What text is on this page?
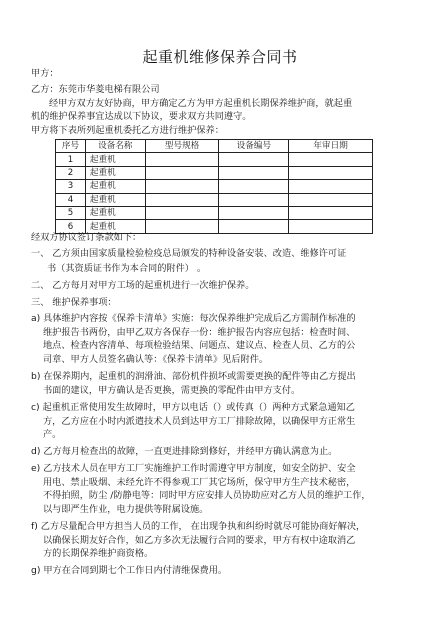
起重机维修保养合同书
甲方：
乙方：东莞市华菱电梯有限公司
经甲方双方友好协商，甲方确定乙方为甲方起重机长期保养维护商，就起重
机的维护保养事宜达成以下协议，要求双方共同遵守。
甲方将下表所列起重机委托乙方进行维护保养：
序号	设备名称	型号规格	设备编号	年审日期
1	起重机			
2	起重机			
3	起重机			
4	起重机			
5	起重机			
6	起重机			
经双方协议签订条款如下：
一、 乙方须由国家质量检验检疫总局颁发的特种设备安装、改造、维修许可证
书（其资质证书作为本合同的附件） 。
二、 乙方每月对甲方工场的起重机进行一次维护保养。
三、 维护保养事项：
a) 具体维护内容按《保养卡清单》实施：每次保养维护完成后乙方需制作标准的
维护报告书两份，由甲乙双方各保存一份：维护报告内容应包括：检查时间、
地点、检查内容清单、每项检验结果、问题点、建议点、检查人员、乙方的公
司章、甲方人员签名确认等：《保养卡清单》见后附件。
b) 在保养期内，起重机的润滑油、部份机件损坏或需要更换的配件等由乙方提出
书面的建议，甲方确认是否更换，需更换的零配件由甲方支付。
c) 起重机正常使用发生故障时，甲方以电话（）或传真（）两种方式紧急通知乙
方，乙方应在小时内派遣技术人员到达甲方工厂排除故障，以确保甲方正常生
产。
d) 乙方每月检查出的故障，一直更进排除到修好，并经甲方确认满意为止。
e) 乙方技术人员在甲方工厂实施维护工作时需遵守甲方制度，如安全防护、安全
用电、禁止吸烟、未经允许不得参观工厂其它场所，保守甲方生产技术秘密，
不得拍照，防尘 /防静电等：同时甲方应安排人员协助应对乙方人员的维护工作，
以与即严生作业，电力提供等附属设施。
f) 乙方尽量配合甲方担当人员的工作， 在出现争执和纠纷时就尽可能协商好解决，
以确保长期友好合作，如乙方多次无法履行合同的要求，甲方有权中途取消乙
方的长期保养维护商资格。
g) 甲方在合同到期七个工作日内付清维保费用。
